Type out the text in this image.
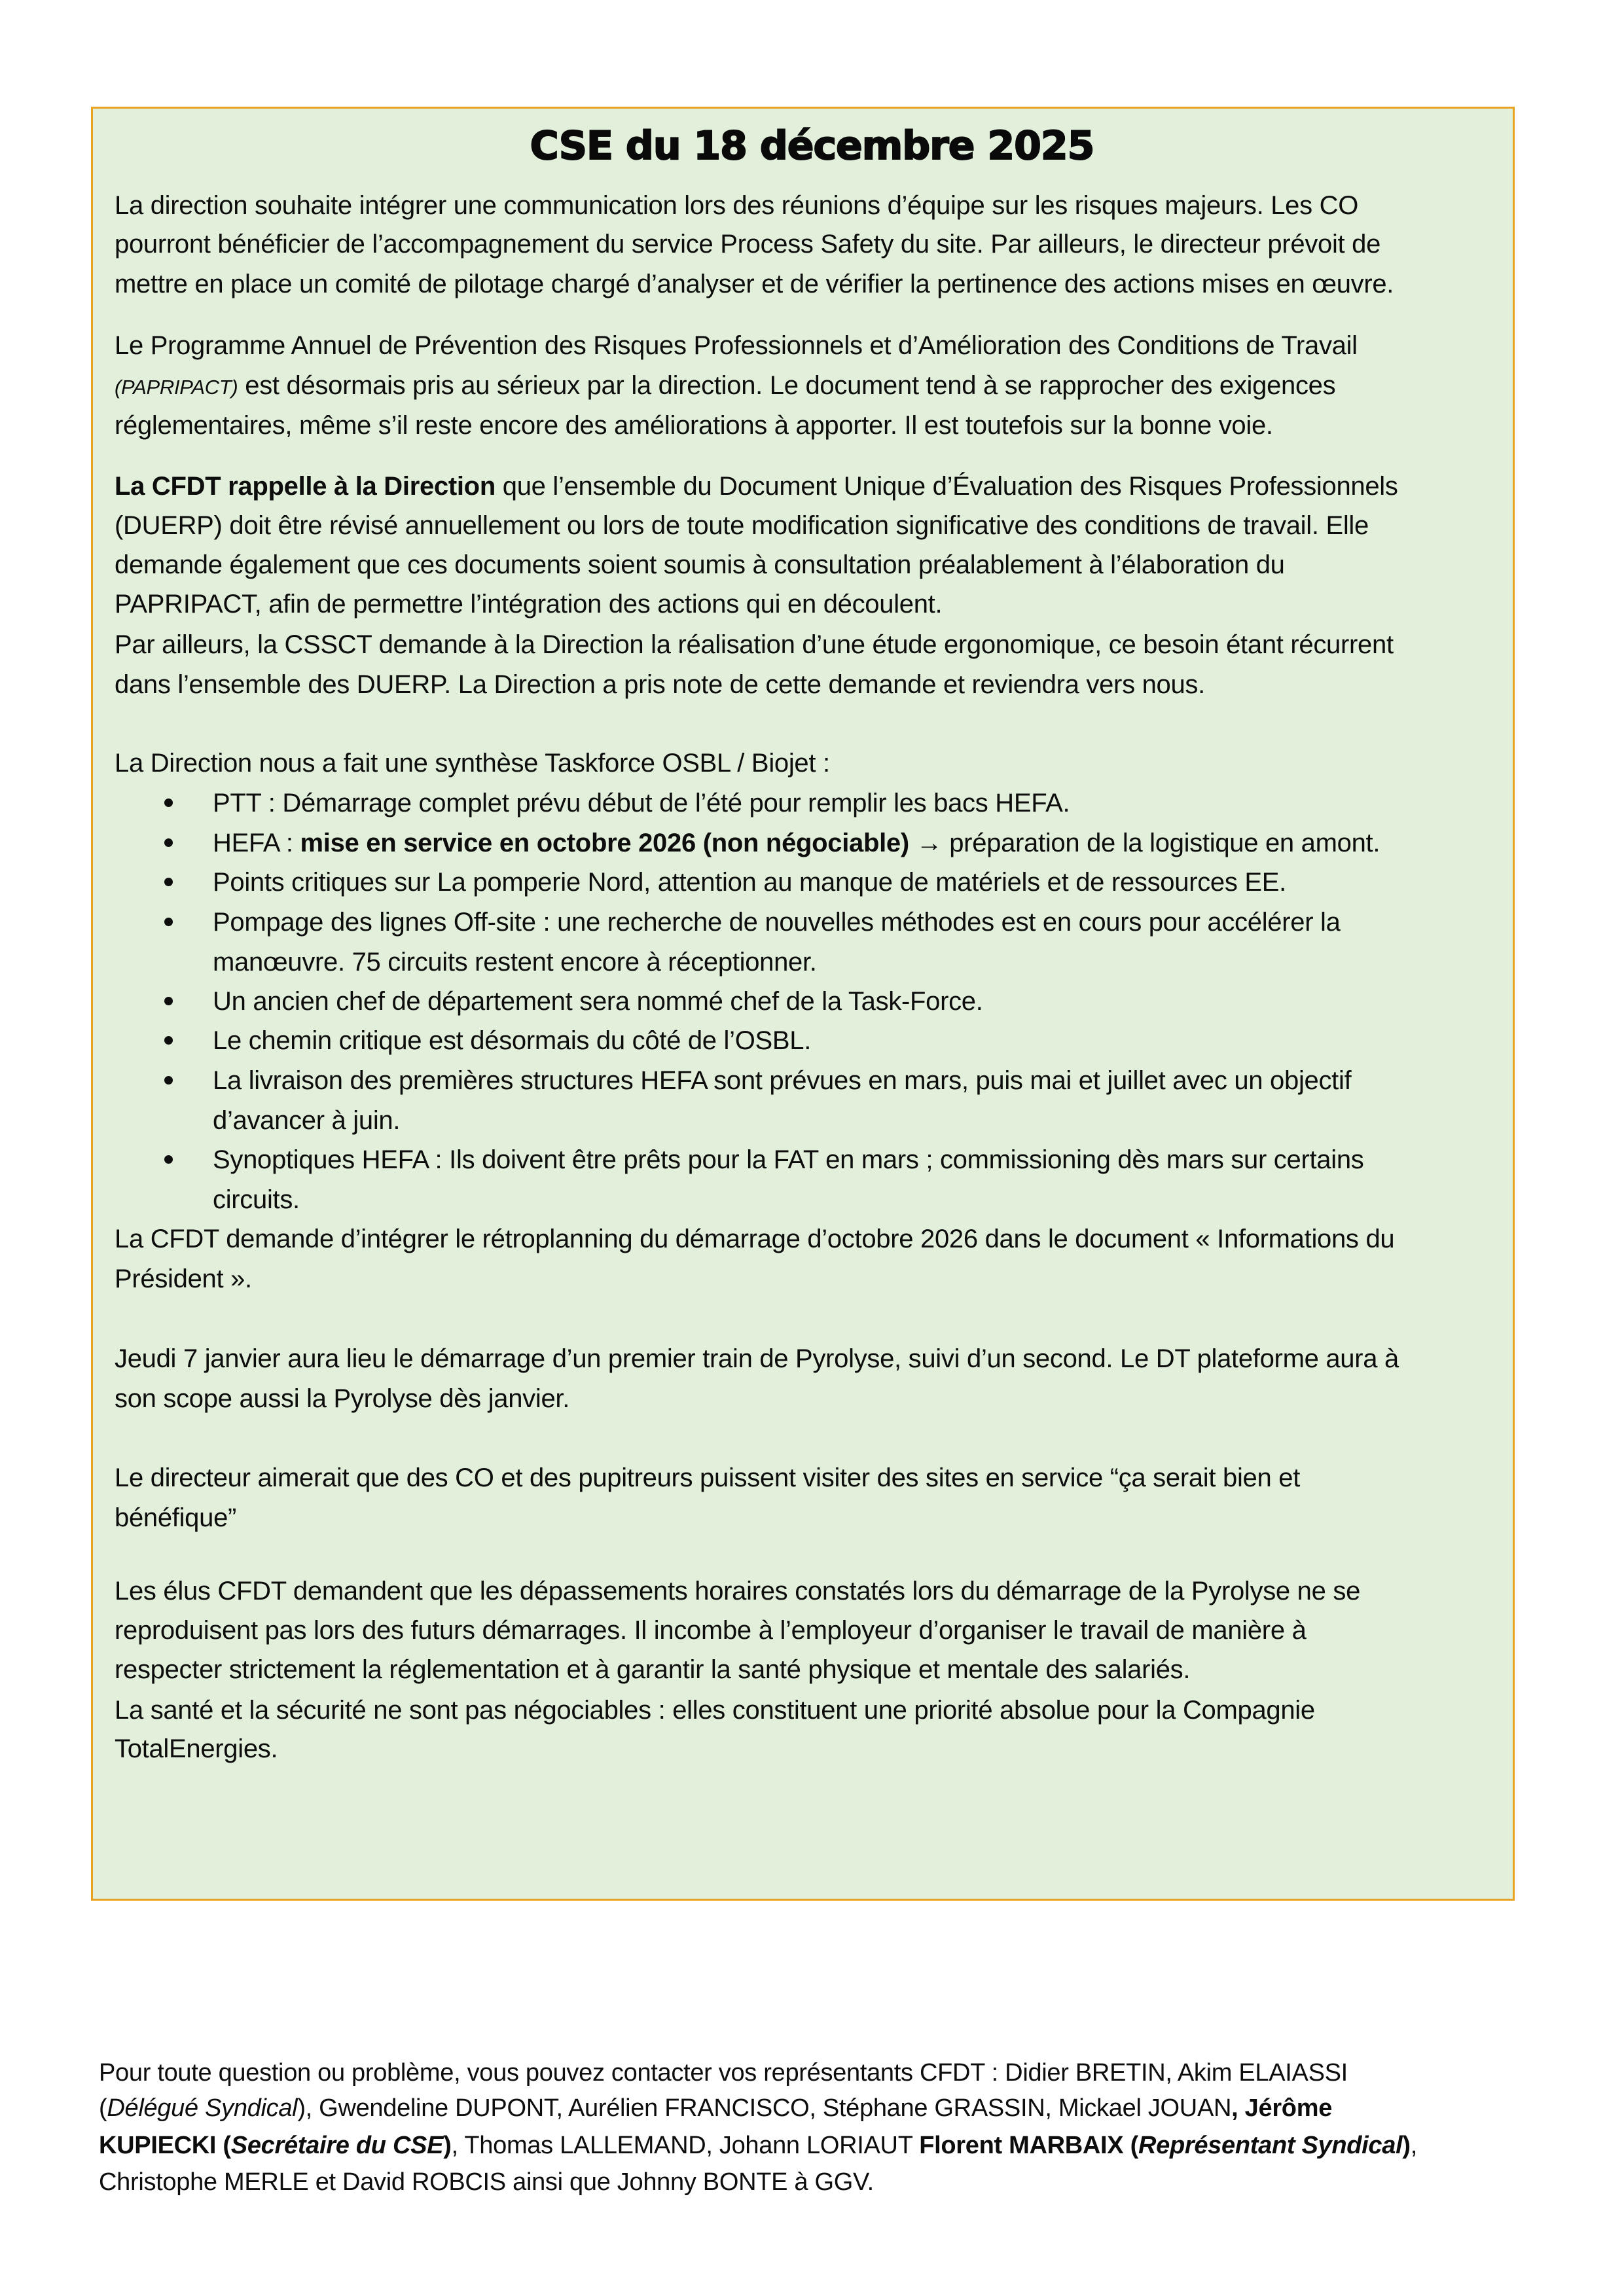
CSE du 18 décembre 2025
La direction souhaite intégrer une communication lors des réunions d’équipe sur les risques majeurs. Les CO
pourront bénéficier de l’accompagnement du service Process Safety du site. Par ailleurs, le directeur prévoit de
mettre en place un comité de pilotage chargé d’analyser et de vérifier la pertinence des actions mises en œuvre.
Le Programme Annuel de Prévention des Risques Professionnels et d’Amélioration des Conditions de Travail
(PAPRIPACT) est désormais pris au sérieux par la direction. Le document tend à se rapprocher des exigences
réglementaires, même s’il reste encore des améliorations à apporter. Il est toutefois sur la bonne voie.
La CFDT rappelle à la Direction que l’ensemble du Document Unique d’Évaluation des Risques Professionnels
(DUERP) doit être révisé annuellement ou lors de toute modification significative des conditions de travail. Elle
demande également que ces documents soient soumis à consultation préalablement à l’élaboration du
PAPRIPACT, afin de permettre l’intégration des actions qui en découlent.
Par ailleurs, la CSSCT demande à la Direction la réalisation d’une étude ergonomique, ce besoin étant récurrent
dans l’ensemble des DUERP. La Direction a pris note de cette demande et reviendra vers nous.
La Direction nous a fait une synthèse Taskforce OSBL / Biojet :
PTT : Démarrage complet prévu début de l’été pour remplir les bacs HEFA.
HEFA : mise en service en octobre 2026 (non négociable) → préparation de la logistique en amont.
Points critiques sur La pomperie Nord, attention au manque de matériels et de ressources EE.
Pompage des lignes Off-site : une recherche de nouvelles méthodes est en cours pour accélérer la
manœuvre. 75 circuits restent encore à réceptionner.
Un ancien chef de département sera nommé chef de la Task-Force.
Le chemin critique est désormais du côté de l’OSBL.
La livraison des premières structures HEFA sont prévues en mars, puis mai et juillet avec un objectif
d’avancer à juin.
Synoptiques HEFA : Ils doivent être prêts pour la FAT en mars ; commissioning dès mars sur certains
circuits.
La CFDT demande d’intégrer le rétroplanning du démarrage d’octobre 2026 dans le document « Informations du
Président ».
Jeudi 7 janvier aura lieu le démarrage d’un premier train de Pyrolyse, suivi d’un second. Le DT plateforme aura à
son scope aussi la Pyrolyse dès janvier.
Le directeur aimerait que des CO et des pupitreurs puissent visiter des sites en service “ça serait bien et
bénéfique”
Les élus CFDT demandent que les dépassements horaires constatés lors du démarrage de la Pyrolyse ne se
reproduisent pas lors des futurs démarrages. Il incombe à l’employeur d’organiser le travail de manière à
respecter strictement la réglementation et à garantir la santé physique et mentale des salariés.
La santé et la sécurité ne sont pas négociables : elles constituent une priorité absolue pour la Compagnie
TotalEnergies.
Pour toute question ou problème, vous pouvez contacter vos représentants CFDT : Didier BRETIN, Akim ELAIASSI
(Délégué Syndical), Gwendeline DUPONT, Aurélien FRANCISCO, Stéphane GRASSIN, Mickael JOUAN, Jérôme
KUPIECKI (Secrétaire du CSE), Thomas LALLEMAND, Johann LORIAUT Florent MARBAIX (Représentant Syndical),
Christophe MERLE et David ROBCIS ainsi que Johnny BONTE à GGV.
